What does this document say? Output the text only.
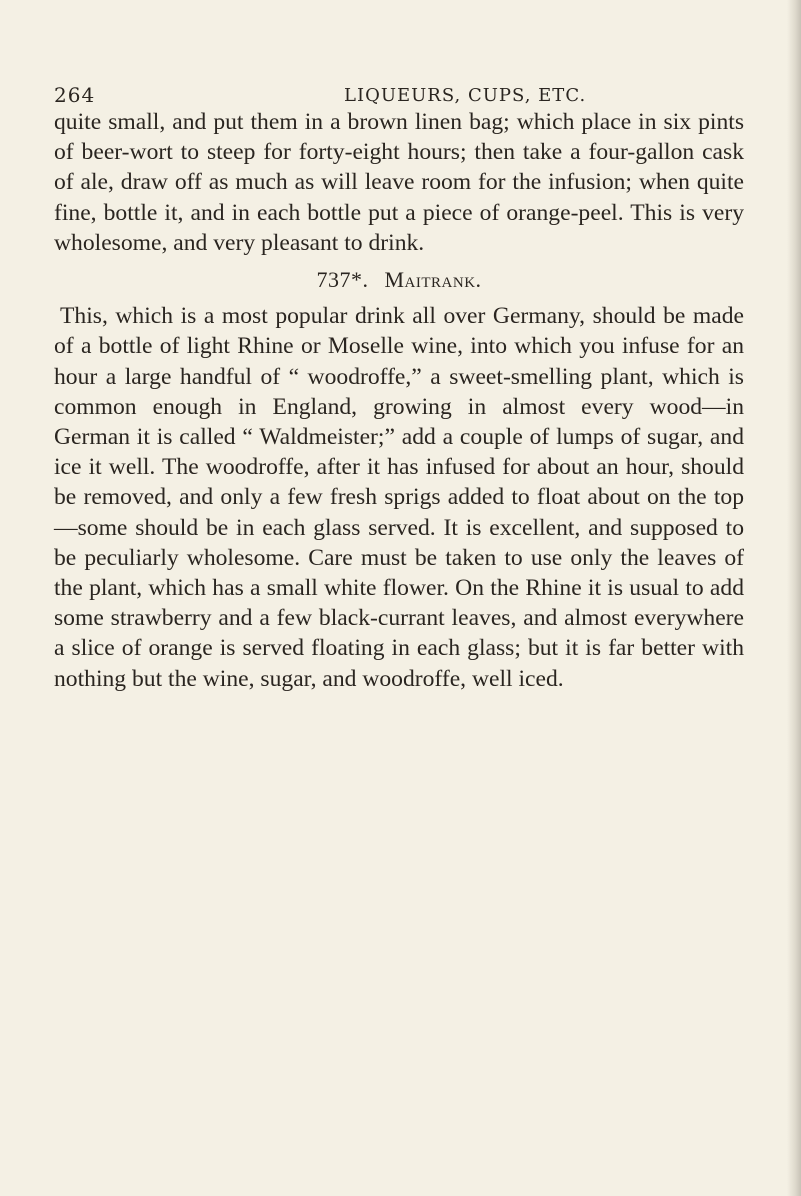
264	LIQUEURS, CUPS, ETC.

quite small, and put them in a brown linen bag; which place in six pints of beer-wort to steep for forty-eight hours; then take a four-gallon cask of ale, draw off as much as will leave room for the infusion; when quite fine, bottle it, and in each bottle put a piece of orange-peel. This is very wholesome, and very pleasant to drink.

737*. Maitrank.

This, which is a most popular drink all over Germany, should be made of a bottle of light Rhine or Moselle wine, into which you infuse for an hour a large handful of “ woodroffe,” a sweet-smelling plant, which is common enough in England, growing in almost every wood—in German it is called “ Waldmeister;” add a couple of lumps of sugar, and ice it well. The woodroffe, after it has infused for about an hour, should be removed, and only a few fresh sprigs added to float about on the top —some should be in each glass served. It is excellent, and supposed to be peculiarly wholesome. Care must be taken to use only the leaves of the plant, which has a small white flower. On the Rhine it is usual to add some strawberry and a few black-currant leaves, and almost everywhere a slice of orange is served floating in each glass; but it is far better with nothing but the wine, sugar, and woodroffe, well iced.
